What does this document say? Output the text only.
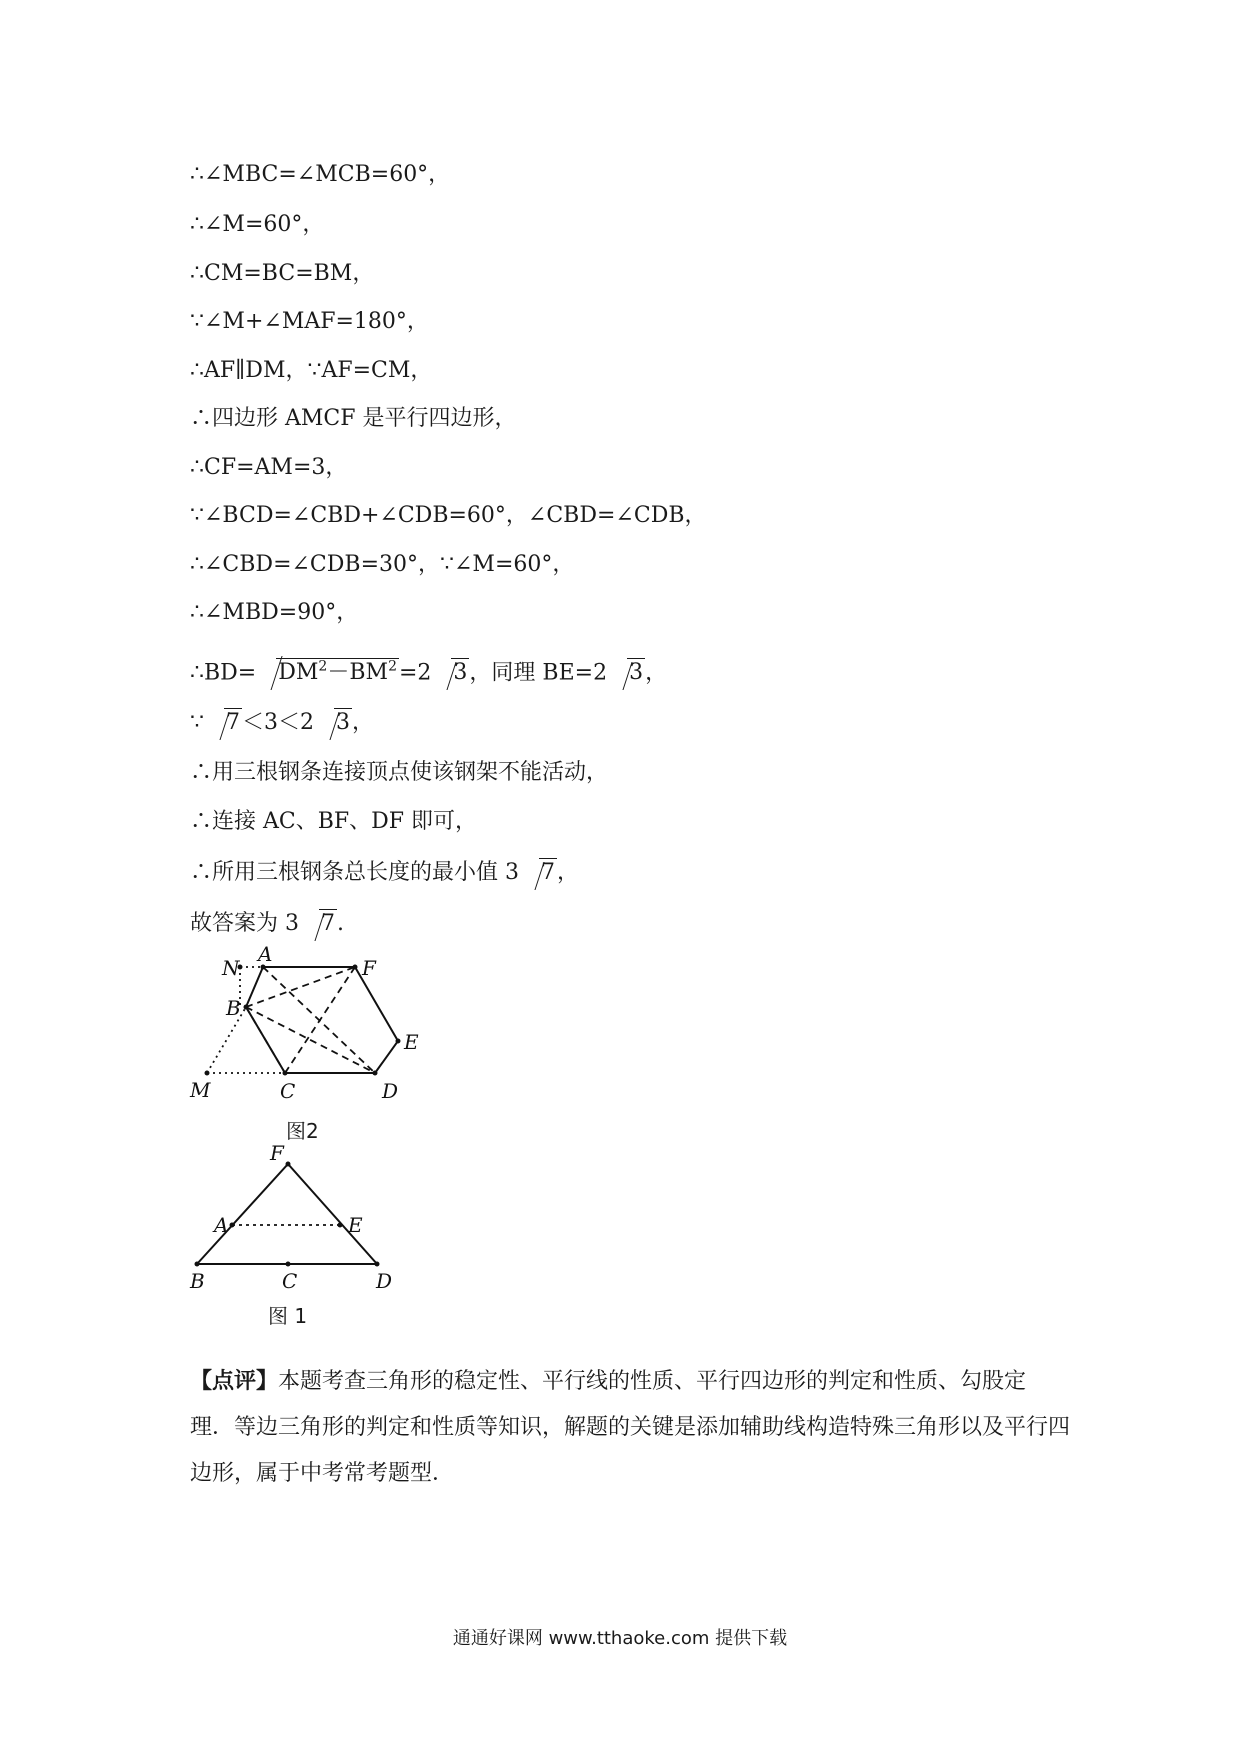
∴∠MBC=∠MCB=60°，
∴∠M=60°，
∴CM=BC=BM，
∵∠M+∠MAF=180°，
∴AF∥DM，∵AF=CM，
∴四边形 AMCF 是平行四边形，
∴CF=AM=3，
∵∠BCD=∠CBD+∠CDB=60°，∠CBD=∠CDB，
∴∠CBD=∠CDB=30°，∵∠M=60°，
∴∠MBD=90°，
∴BD= $DM^2-BM^2=2$ 3，同理 BE=2 3，
∵ 7＜3＜2 3，
∴用三根钢条连接顶点使该钢架不能活动，
∴连接 AC、BF、DF 即可，
∴所用三根钢条总长度的最小值 3 7，
故答案为 3 7.
N
A
F
B
E
M	C	D
图2
F
A	E
B	C	D
图 1
【点评】本题考查三角形的稳定性、平行线的性质、平行四边形的判定和性质、勾股定理．等边三角形的判定和性质等知识，解题的关键是添加辅助线构造特殊三角形以及平行四边形，属于中考常考题型．
通通好课网 www.tthaoke.com 提供下载
